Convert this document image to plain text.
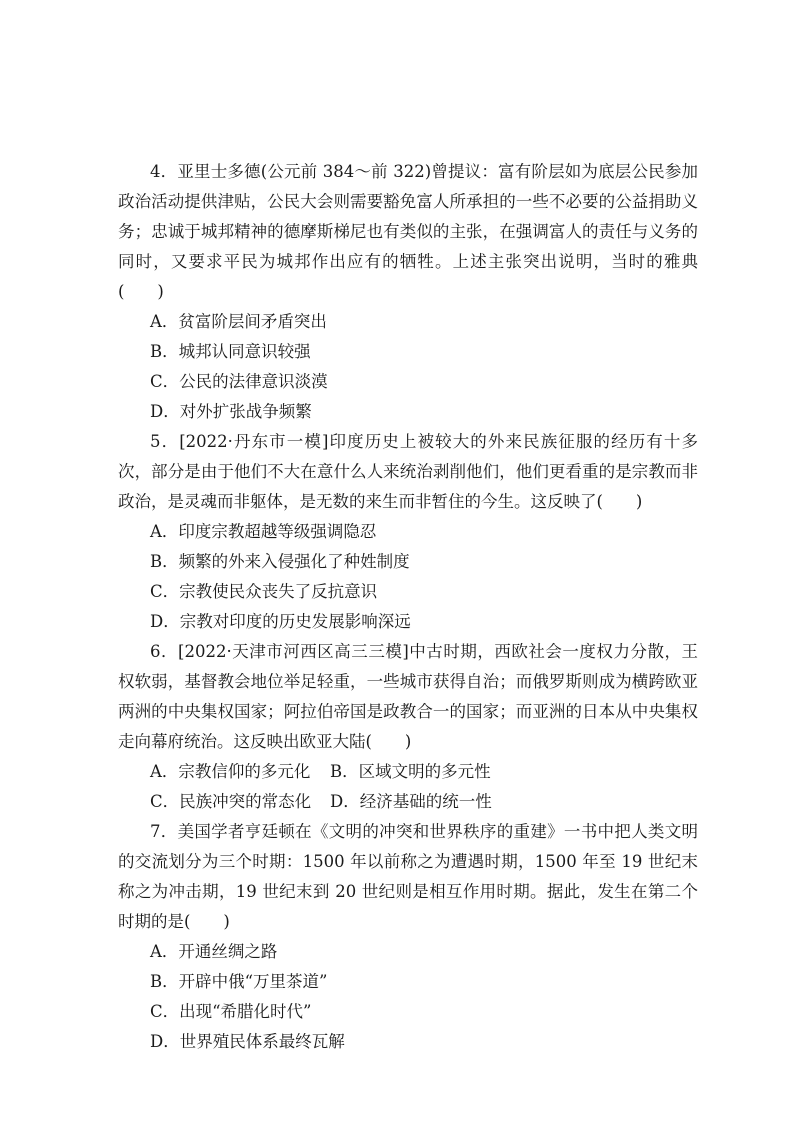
4．亚里士多德(公元前 384～前 322)曾提议：富有阶层如为底层公民参加政治活动提供津贴，公民大会则需要豁免富人所承担的一些不必要的公益捐助义务；忠诚于城邦精神的德摩斯梯尼也有类似的主张，在强调富人的责任与义务的同时，又要求平民为城邦作出应有的牺牲。上述主张突出说明，当时的雅典(　　)

A．贫富阶层间矛盾突出

B．城邦认同意识较强

C．公民的法律意识淡漠

D．对外扩张战争频繁

5．[2022·丹东市一模]印度历史上被较大的外来民族征服的经历有十多次，部分是由于他们不大在意什么人来统治剥削他们，他们更看重的是宗教而非政治，是灵魂而非躯体，是无数的来生而非暂住的今生。这反映了(　　)

A．印度宗教超越等级强调隐忍

B．频繁的外来入侵强化了种姓制度

C．宗教使民众丧失了反抗意识

D．宗教对印度的历史发展影响深远

6．[2022·天津市河西区高三三模]中古时期，西欧社会一度权力分散，王权软弱，基督教会地位举足轻重，一些城市获得自治；而俄罗斯则成为横跨欧亚两洲的中央集权国家；阿拉伯帝国是政教合一的国家；而亚洲的日本从中央集权走向幕府统治。这反映出欧亚大陆(　　)

A．宗教信仰的多元化	B．区域文明的多元性
C．民族冲突的常态化	D．经济基础的统一性

7．美国学者亨廷顿在《文明的冲突和世界秩序的重建》一书中把人类文明的交流划分为三个时期：1500 年以前称之为遭遇时期，1500 年至 19 世纪末称之为冲击期，19 世纪末到 20 世纪则是相互作用时期。据此，发生在第二个时期的是(　　)

A．开通丝绸之路

B．开辟中俄“万里茶道”

C．出现“希腊化时代”

D．世界殖民体系最终瓦解
